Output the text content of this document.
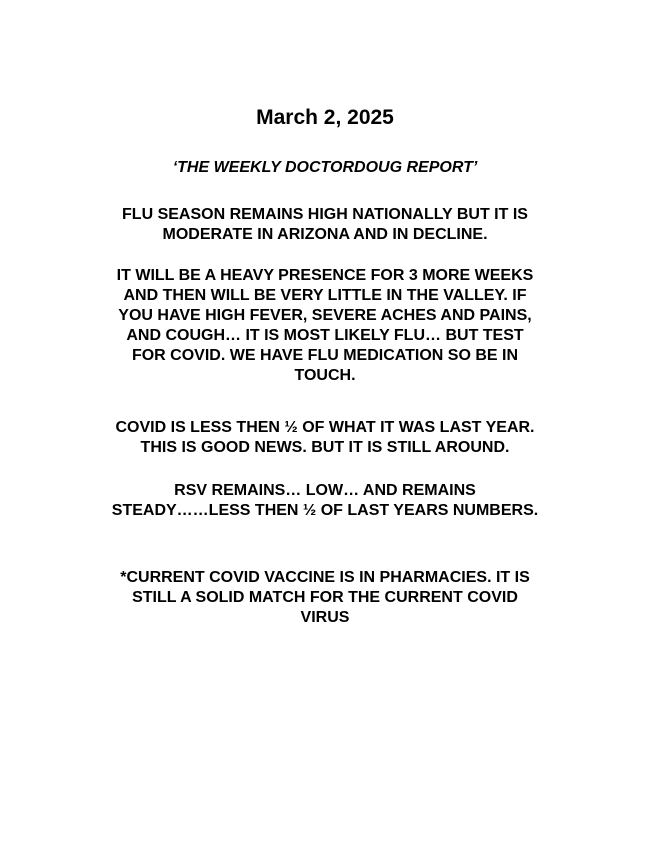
March 2, 2025
‘THE WEEKLY DOCTORDOUG REPORT’
FLU SEASON REMAINS HIGH NATIONALLY BUT IT IS
MODERATE IN ARIZONA AND IN DECLINE.
IT WILL BE A HEAVY PRESENCE FOR 3 MORE WEEKS
AND THEN WILL BE VERY LITTLE IN THE VALLEY. IF
YOU HAVE HIGH FEVER, SEVERE ACHES AND PAINS,
AND COUGH… IT IS MOST LIKELY FLU… BUT TEST
FOR COVID. WE HAVE FLU MEDICATION SO BE IN
TOUCH.
COVID IS LESS THEN ½ OF WHAT IT WAS LAST YEAR.
THIS IS GOOD NEWS. BUT IT IS STILL AROUND.
RSV REMAINS… LOW… AND REMAINS
STEADY……LESS THEN ½ OF LAST YEARS NUMBERS.
*CURRENT COVID VACCINE IS IN PHARMACIES. IT IS
STILL A SOLID MATCH FOR THE CURRENT COVID
VIRUS
